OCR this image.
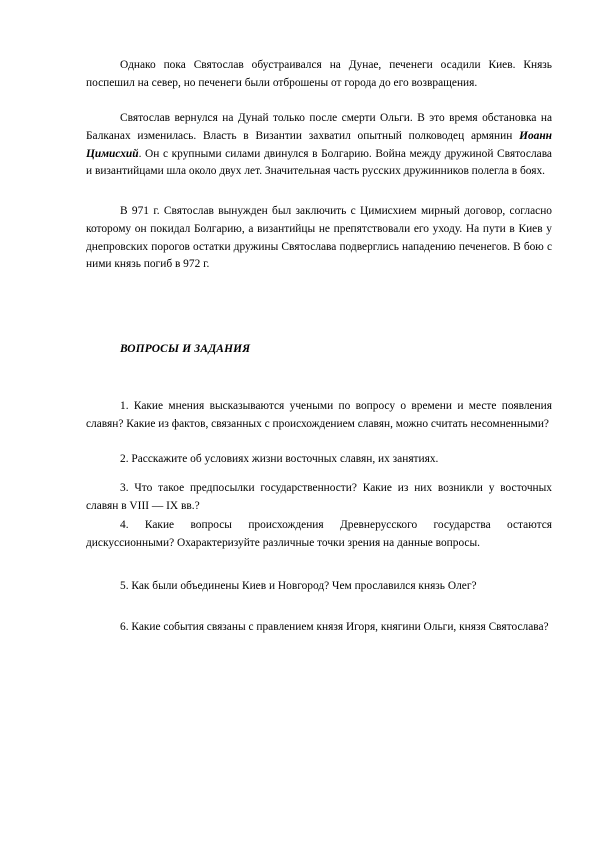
Однако пока Святослав обустраивался на Дунае, печенеги осадили Киев. Князь поспешил на север, но печенеги были отброшены от города до его возвращения.

Святослав вернулся на Дунай только после смерти Ольги. В это время обстановка на Балканах изменилась. Власть в Византии захватил опытный полководец армянин Иоанн Цимисхий. Он с крупными силами двинулся в Болгарию. Война между дружиной Святослава и византийцами шла около двух лет. Значительная часть русских дружинников полегла в боях.

В 971 г. Святослав вынужден был заключить с Цимисхием мирный договор, согласно которому он покидал Болгарию, а византийцы не препятствовали его уходу. На пути в Киев у днепровских порогов остатки дружины Святослава подверглись нападению печенегов. В бою с ними князь погиб в 972 г.

ВОПРОСЫ И ЗАДАНИЯ

1. Какие мнения высказываются учеными по вопросу о времени и месте появления славян? Какие из фактов, связанных с происхождением славян, можно считать несомненными?

2. Расскажите об условиях жизни восточных славян, их занятиях.

3. Что такое предпосылки государственности? Какие из них возникли у восточных славян в VIII — IX вв.?

4. Какие вопросы происхождения Древнерусского государства остаются дискуссионными? Охарактеризуйте различные точки зрения на данные вопросы.

5. Как были объединены Киев и Новгород? Чем прославился князь Олег?

6. Какие события связаны с правлением князя Игоря, княгини Ольги, князя Святослава?
